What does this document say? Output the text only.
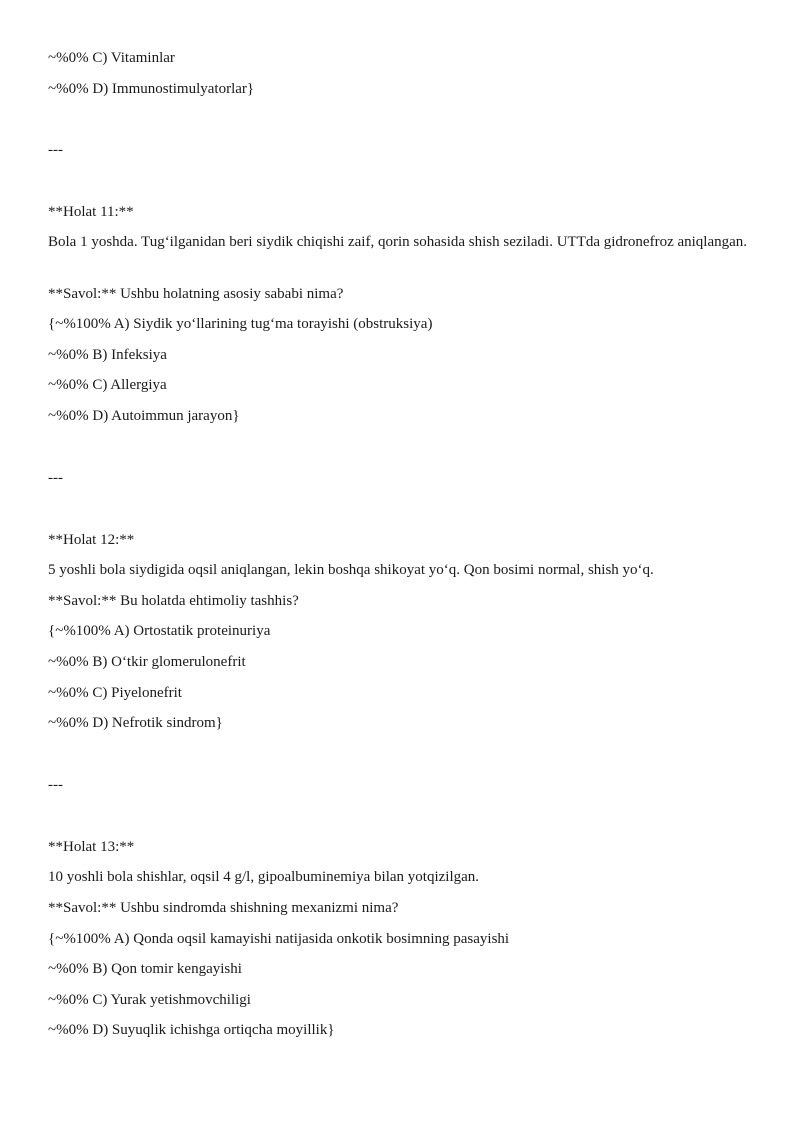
~%0% C) Vitaminlar
~%0% D) Immunostimulyatorlar}
---
**Holat 11:**
Bola 1 yoshda. Tug‘ilganidan beri siydik chiqishi zaif, qorin sohasida shish seziladi. UTTda gidronefroz aniqlangan.
**Savol:** Ushbu holatning asosiy sababi nima?
{~%100% A) Siydik yo‘llarining tug‘ma torayishi (obstruksiya)
~%0% B) Infeksiya
~%0% C) Allergiya
~%0% D) Autoimmun jarayon}
---
**Holat 12:**
5 yoshli bola siydigida oqsil aniqlangan, lekin boshqa shikoyat yo‘q. Qon bosimi normal, shish yo‘q.
**Savol:** Bu holatda ehtimoliy tashhis?
{~%100% A) Ortostatik proteinuriya
~%0% B) O‘tkir glomerulonefrit
~%0% C) Piyelonefrit
~%0% D) Nefrotik sindrom}
---
**Holat 13:**
10 yoshli bola shishlar, oqsil 4 g/l, gipoalbuminemiya bilan yotqizilgan.
**Savol:** Ushbu sindromda shishning mexanizmi nima?
{~%100% A) Qonda oqsil kamayishi natijasida onkotik bosimning pasayishi
~%0% B) Qon tomir kengayishi
~%0% C) Yurak yetishmovchiligi
~%0% D) Suyuqlik ichishga ortiqcha moyillik}
